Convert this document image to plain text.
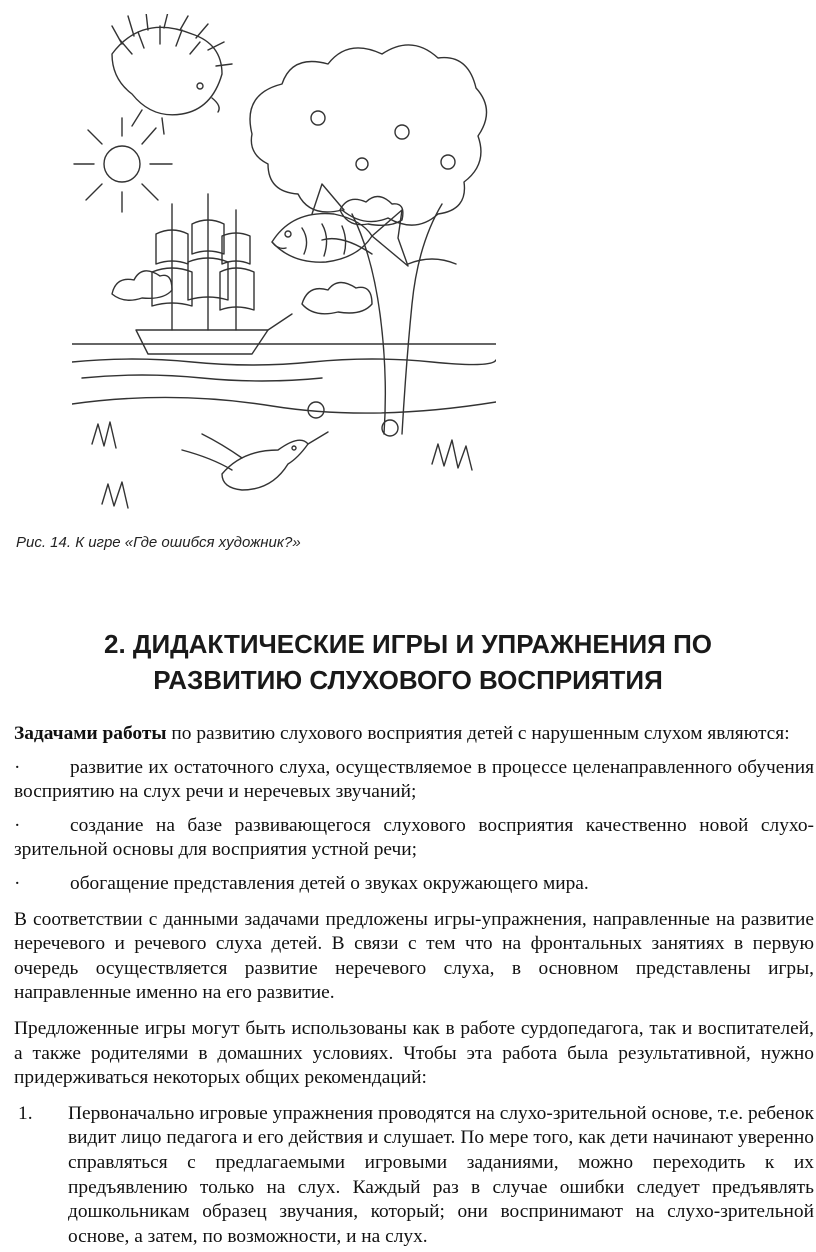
Рис. 14. К игре «Где ошибся художник?»
2. ДИДАКТИЧЕСКИЕ ИГРЫ И УПРАЖНЕНИЯ ПО
РАЗВИТИЮ СЛУХОВОГО ВОСПРИЯТИЯ

Задачами работы по развитию слухового восприятия детей с нарушенным слухом являются:

·	развитие их остаточного слуха, осуществляемое в процессе целенаправленного обучения восприятию на слух речи и неречевых звучаний;

·	создание на базе развивающегося слухового восприятия качественно новой слухо-зрительной основы для восприятия устной речи;

·	обогащение представления детей о звуках окружающего мира.

В соответствии с данными задачами предложены игры-упражнения, направленные на развитие неречевого и речевого слуха детей. В связи с тем что на фронтальных занятиях в первую очередь осуществляется развитие неречевого слуха, в основном представлены игры, направленные именно на его развитие.

Предложенные игры могут быть использованы как в работе сурдопедагога, так и воспитателей, а также родителями в домашних условиях. Чтобы эта работа была результативной, нужно придерживаться некоторых общих рекомендаций:

1. Первоначально игровые упражнения проводятся на слухо-зрительной основе, т.е. ребенок видит лицо педагога и его действия и слушает. По мере того, как дети начинают уверенно справляться с предлагаемыми игровыми заданиями, можно переходить к их предъявлению только на слух. Каждый раз в случае ошибки следует предъявлять дошкольникам образец звучания, который; они воспринимают на слухо-зрительной основе, а затем, по возможности, и на слух.
